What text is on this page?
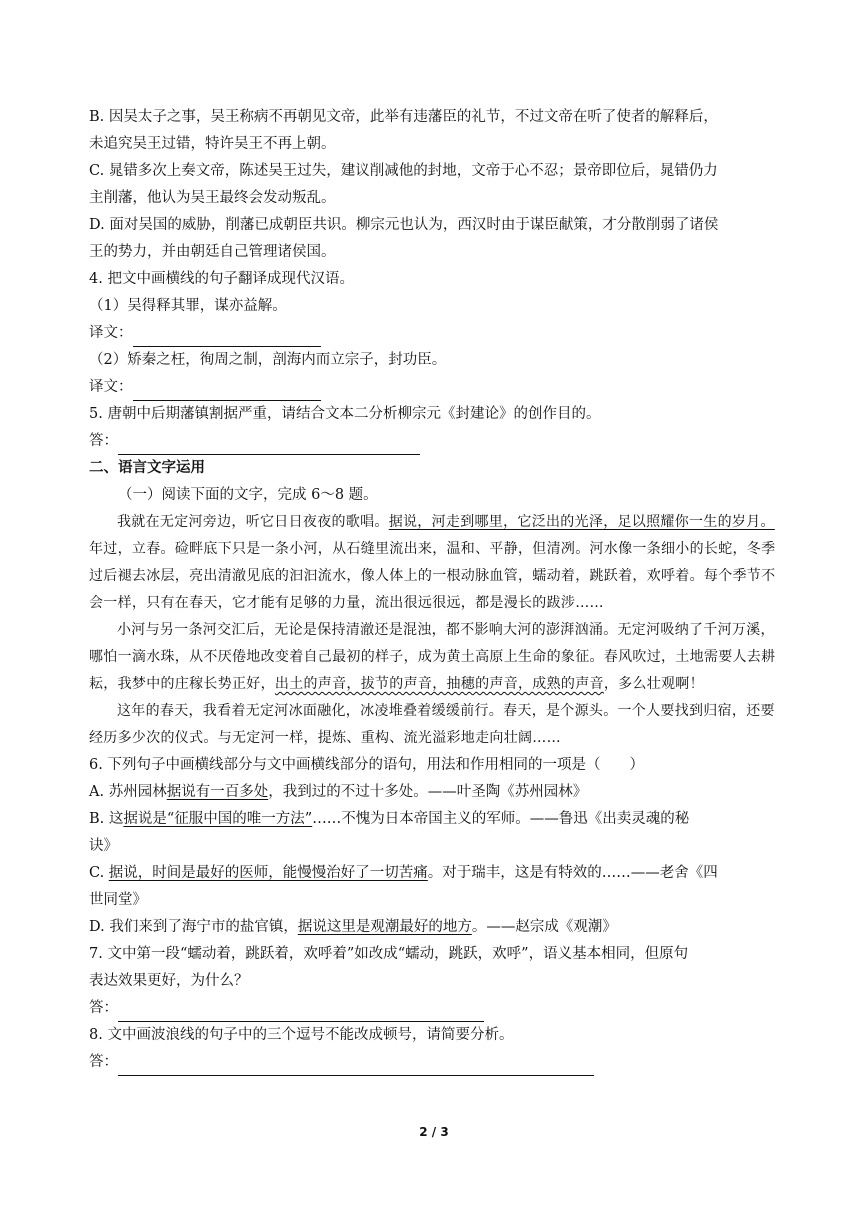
B. 因吴太子之事，吴王称病不再朝见文帝，此举有违藩臣的礼节，不过文帝在听了使者的解释后，
未追究吴王过错，特许吴王不再上朝。
C. 晁错多次上奏文帝，陈述吴王过失，建议削减他的封地，文帝于心不忍；景帝即位后，晁错仍力
主削藩，他认为吴王最终会发动叛乱。
D. 面对吴国的威胁，削藩已成朝臣共识。柳宗元也认为，西汉时由于谋臣献策，才分散削弱了诸侯
王的势力，并由朝廷自己管理诸侯国。
4. 把文中画横线的句子翻译成现代汉语。
（1）吴得释其罪，谋亦益解。
译文：
（2）矫秦之枉，徇周之制，剖海内而立宗子，封功臣。
译文：
5. 唐朝中后期藩镇割据严重，请结合文本二分析柳宗元《封建论》的创作目的。
答：
二、语言文字运用
（一）阅读下面的文字，完成 6～8 题。
我就在无定河旁边，听它日日夜夜的歌唱。据说，河走到哪里，它泛出的光泽，足以照耀你一生的岁月。年过，立春。硷畔底下只是一条小河，从石缝里流出来，温和、平静，但清冽。河水像一条细小的长蛇，冬季过后褪去冰层，亮出清澈见底的汩汩流水，像人体上的一根动脉血管，蠕动着，跳跃着，欢呼着。每个季节不会一样，只有在春天，它才能有足够的力量，流出很远很远，都是漫长的跋涉……
小河与另一条河交汇后，无论是保持清澈还是混浊，都不影响大河的澎湃汹涌。无定河吸纳了千河万溪，哪怕一滴水珠，从不厌倦地改变着自己最初的样子，成为黄土高原上生命的象征。春风吹过，土地需要人去耕耘，我梦中的庄稼长势正好，出土的声音，拔节的声音，抽穗的声音，成熟的声音，多么壮观啊！
这年的春天，我看着无定河冰面融化，冰凌堆叠着缓缓前行。春天，是个源头。一个人要找到归宿，还要经历多少次的仪式。与无定河一样，提炼、重构、流光溢彩地走向壮阔……
6. 下列句子中画横线部分与文中画横线部分的语句，用法和作用相同的一项是（　　）
A. 苏州园林据说有一百多处，我到过的不过十多处。——叶圣陶《苏州园林》
B. 这据说是“征服中国的唯一方法”……不愧为日本帝国主义的军师。——鲁迅《出卖灵魂的秘
诀》
C. 据说，时间是最好的医师，能慢慢治好了一切苦痛。对于瑞丰，这是有特效的……——老舍《四
世同堂》
D. 我们来到了海宁市的盐官镇，据说这里是观潮最好的地方。——赵宗成《观潮》
7. 文中第一段“蠕动着，跳跃着，欢呼着”如改成“蠕动，跳跃，欢呼”，语义基本相同，但原句
表达效果更好，为什么？
答：
8. 文中画波浪线的句子中的三个逗号不能改成顿号，请简要分析。
答：
2 / 3
